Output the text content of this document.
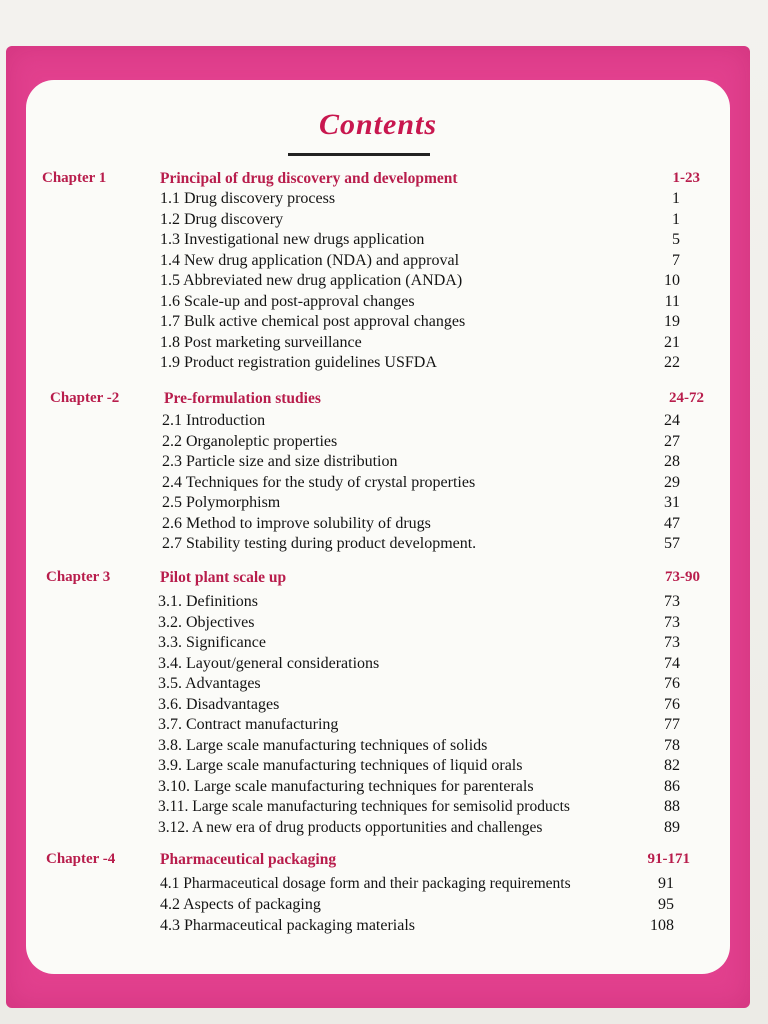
Contents
Chapter 1	Principal of drug discovery and development	1-23
1.1 Drug discovery process	1
1.2 Drug discovery	1
1.3 Investigational new drugs application	5
1.4 New drug application (NDA) and approval	7
1.5 Abbreviated new drug application (ANDA)	10
1.6 Scale-up and post-approval changes	11
1.7 Bulk active chemical post approval changes	19
1.8 Post marketing surveillance	21
1.9 Product registration guidelines USFDA	22
Chapter -2	Pre-formulation studies	24-72
2.1 Introduction	24
2.2 Organoleptic properties	27
2.3 Particle size and size distribution	28
2.4 Techniques for the study of crystal properties	29
2.5 Polymorphism	31
2.6 Method to improve solubility of drugs	47
2.7 Stability testing during product development.	57
Chapter 3	Pilot plant scale up	73-90
3.1. Definitions	73
3.2. Objectives	73
3.3. Significance	73
3.4. Layout/general considerations	74
3.5. Advantages	76
3.6. Disadvantages	76
3.7. Contract manufacturing	77
3.8. Large scale manufacturing techniques of solids	78
3.9. Large scale manufacturing techniques of liquid orals	82
3.10. Large scale manufacturing techniques for parenterals	86
3.11. Large scale manufacturing techniques for semisolid products	88
3.12. A new era of drug products opportunities and challenges	89
Chapter -4	Pharmaceutical packaging	91-171
4.1 Pharmaceutical dosage form and their packaging requirements	91
4.2 Aspects of packaging	95
4.3 Pharmaceutical packaging materials	108
